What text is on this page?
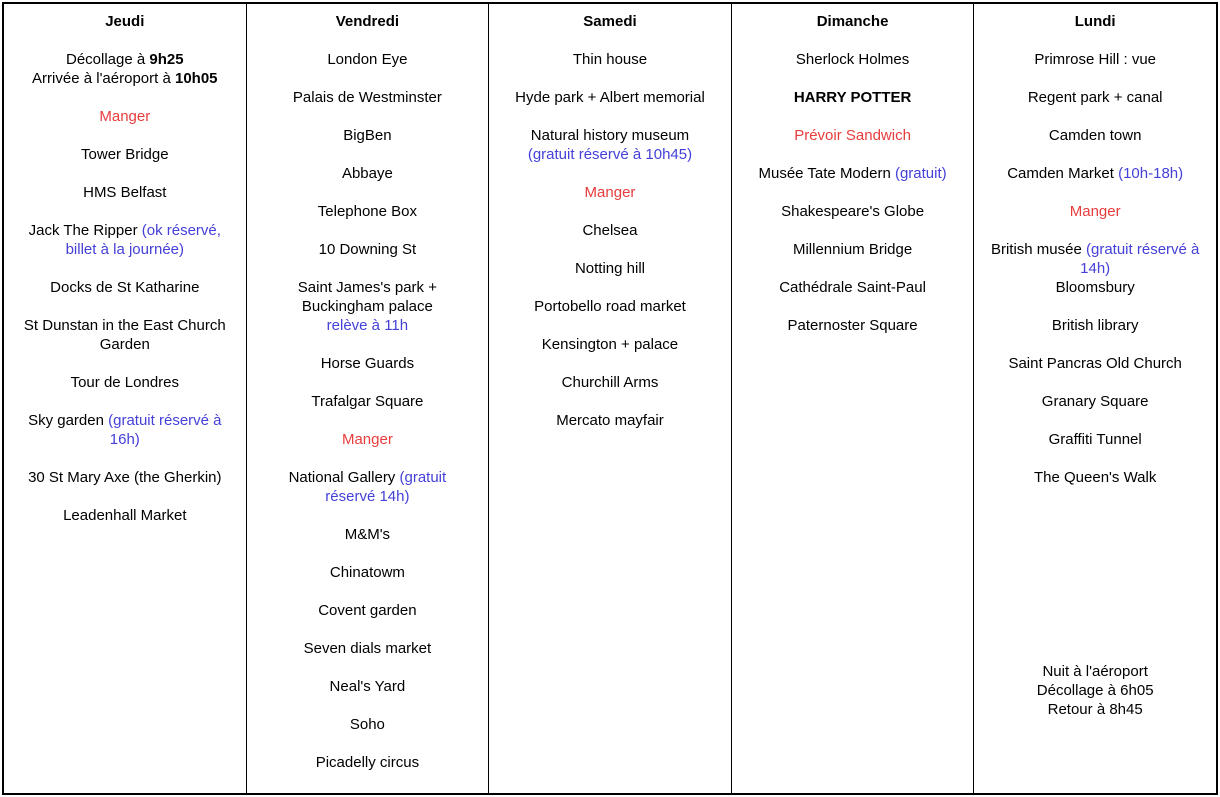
Jeudi
Décollage à 9h25
Arrivée à l'aéroport à 10h05
Manger
Tower Bridge
HMS Belfast
Jack The Ripper (ok réservé,
billet à la journée)
Docks de St Katharine
St Dunstan in the East Church Garden
Tour de Londres
Sky garden (gratuit réservé à
16h)
30 St Mary Axe (the Gherkin)
Leadenhall Market
Vendredi
London Eye
Palais de Westminster
BigBen
Abbaye
Telephone Box
10 Downing St
Saint James's park +
Buckingham palace
relève à 11h
Horse Guards
Trafalgar Square
Manger
National Gallery (gratuit
réservé 14h)
M&M's
Chinatowm
Covent garden
Seven dials market
Neal's Yard
Soho
Picadelly circus
Samedi
Thin house
Hyde park + Albert memorial
Natural history museum
(gratuit réservé à 10h45)
Manger
Chelsea
Notting hill
Portobello road market
Kensington + palace
Churchill Arms
Mercato mayfair
Dimanche
Sherlock Holmes
HARRY POTTER
Prévoir Sandwich
Musée Tate Modern (gratuit)
Shakespeare's Globe
Millennium Bridge
Cathédrale Saint-Paul
Paternoster Square
Lundi
Primrose Hill : vue
Regent park + canal
Camden town
Camden Market (10h-18h)
Manger
British musée (gratuit réservé à
14h)
Bloomsbury
British library
Saint Pancras Old Church
Granary Square
Graffiti Tunnel
The Queen's Walk
Nuit à l'aéroport
Décollage à 6h05
Retour à 8h45
